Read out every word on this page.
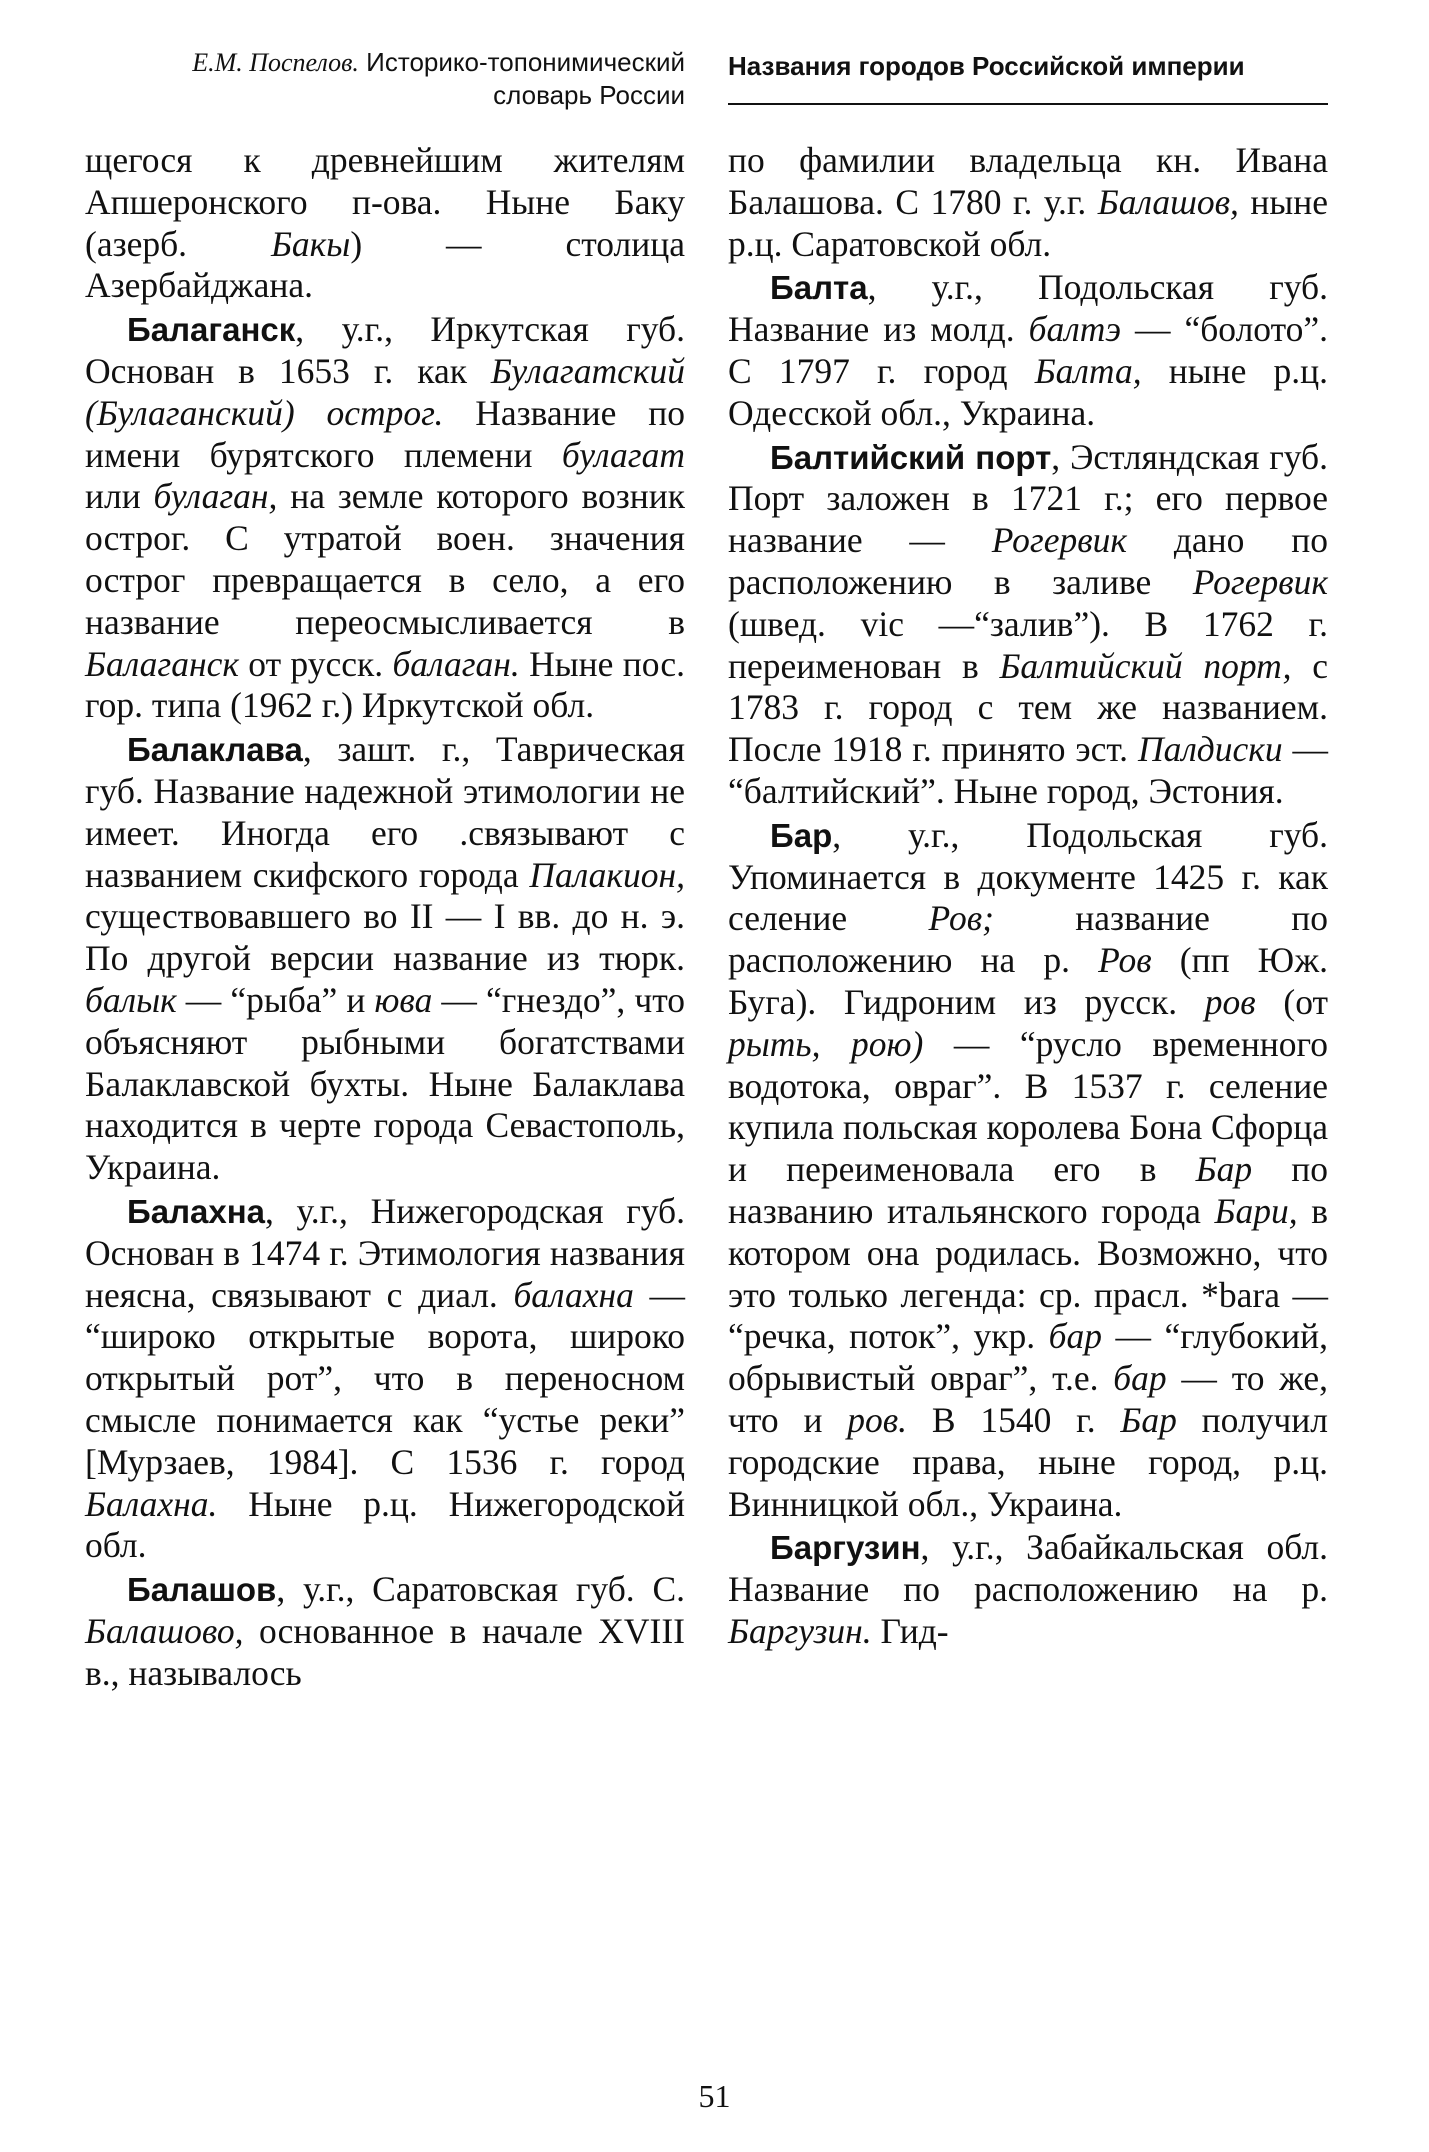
Е.М. Поспелов. Историко-топонимический
словарь России
Названия городов Российской империи

щегося к древнейшим жителям Апшеронского п-ова. Ныне Баку (азерб. Бакы) — столица Азербайджана.

Балаганск, у.г., Иркутская губ. Основан в 1653 г. как Булагатский (Булаганский) острог. Название по имени бурятского племени булагат или булаган, на земле которого возник острог. С утратой воен. значения острог превращается в село, а его название переосмысливается в Балаганск от русск. балаган. Ныне пос. гор. типа (1962 г.) Иркутской обл.

Балаклава, зашт. г., Таврическая губ. Название надежной этимологии не имеет. Иногда его .связывают с названием скифского города Палакион, существовавшего во II — I вв. до н. э. По другой версии название из тюрк. балык — “рыба” и юва — “гнездо”, что объясняют рыбными богатствами Балаклавской бухты. Ныне Балаклава находится в черте города Севастополь, Украина.

Балахна, у.г., Нижегородская губ. Основан в 1474 г. Этимология названия неясна, связывают с диал. балахна — “широко открытые ворота, широко открытый рот”, что в переносном смысле понимается как “устье реки” [Мурзаев, 1984]. С 1536 г. город Балахна. Ныне р.ц. Нижегородской обл.

Балашов, у.г., Саратовская губ. С. Балашово, основанное в начале XVIII в., называлось

по фамилии владельца кн. Ивана Балашова. С 1780 г. у.г. Балашов, ныне р.ц. Саратовской обл.

Балта, у.г., Подольская губ. Название из молд. балтэ — “болото”. С 1797 г. город Балта, ныне р.ц. Одесской обл., Украина.

Балтийский порт, Эстляндская губ. Порт заложен в 1721 г.; его первое название — Рогервик дано по расположению в заливе Рогервик (швед. vic —“залив”). В 1762 г. переименован в Балтийский порт, с 1783 г. город с тем же названием. После 1918 г. принято эст. Палдиски — “балтийский”. Ныне город, Эстония.

Бар, у.г., Подольская губ. Упоминается в документе 1425 г. как селение Ров; название по расположению на р. Ров (пп Юж. Буга). Гидроним из русск. ров (от рыть, рою) — “русло временного водотока, овраг”. В 1537 г. селение купила польская королева Бона Сфорца и переименовала его в Бар по названию итальянского города Бари, в котором она родилась. Возможно, что это только легенда: ср. прасл. *bara — “речка, поток”, укр. бар — “глубокий, обрывистый овраг”, т.е. бар — то же, что и ров. В 1540 г. Бар получил городские права, ныне город, р.ц. Винницкой обл., Украина.

Баргузин, у.г., Забайкальская обл. Название по расположению на р. Баргузин. Гид-

51
